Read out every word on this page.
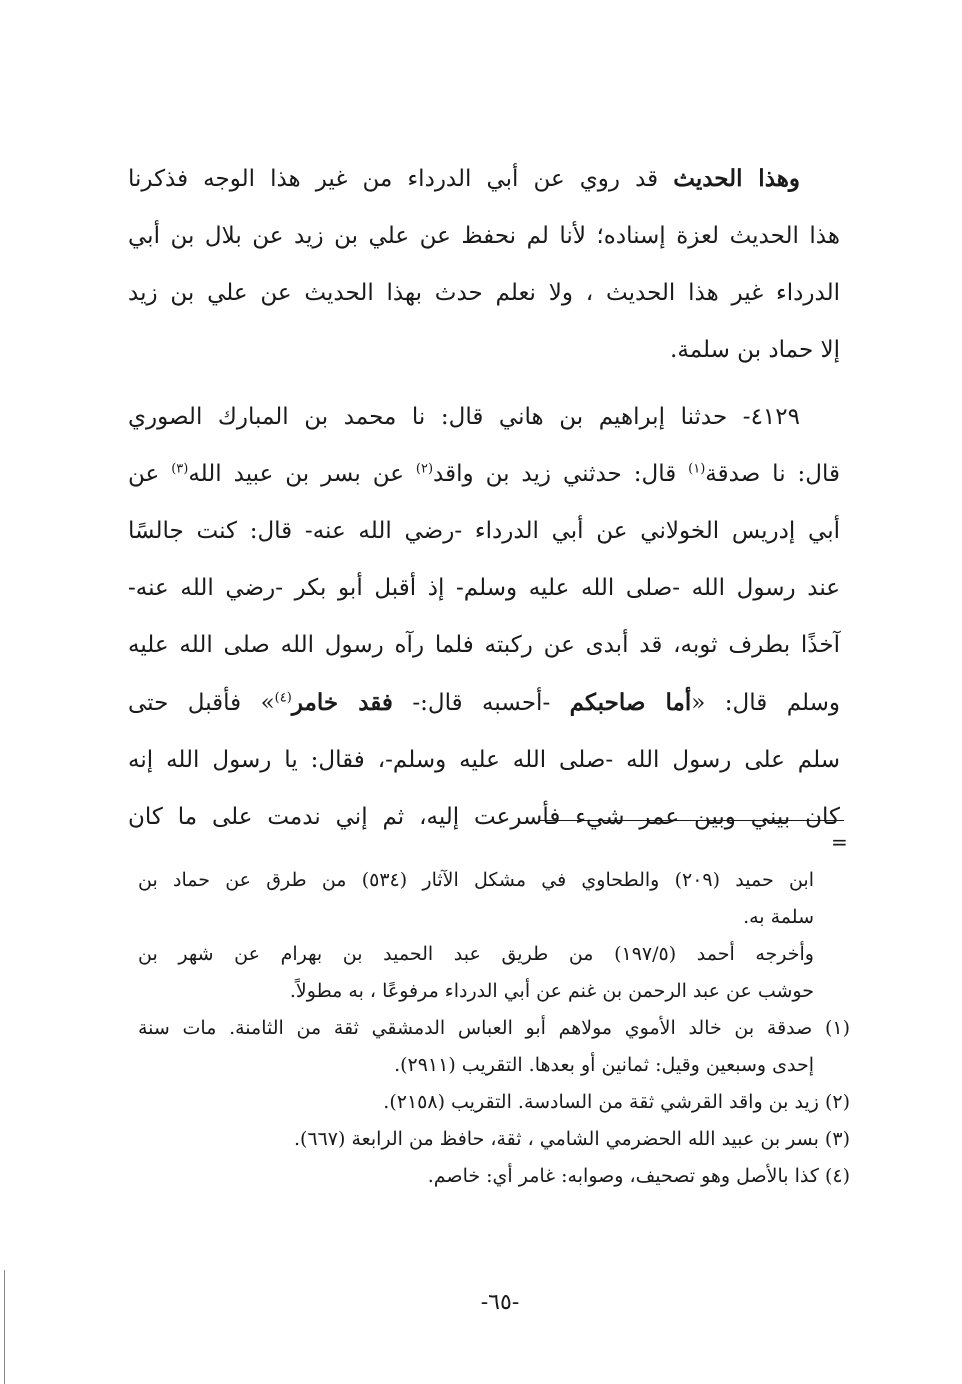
وهذا الحديث قد روي عن أبي الدرداء من غير هذا الوجه فذكرنا
هذا الحديث لعزة إسناده؛ لأنا لم نحفظ عن علي بن زيد عن بلال بن أبي
الدرداء غير هذا الحديث ، ولا نعلم حدث بهذا الحديث عن علي بن زيد
إلا حماد بن سلمة.

٤١٢٩- حدثنا إبراهيم بن هاني قال: نا محمد بن المبارك الصوري
قال: نا صدقة$^{(١)}$ قال: حدثني زيد بن واقد$^{(٢)}$ عن بسر بن عبيد الله$^{(٣)}$ عن
أبي إدريس الخولاني عن أبي الدرداء -رضي الله عنه- قال: كنت جالسًا
عند رسول الله -صلى الله عليه وسلم- إذ أقبل أبو بكر -رضي الله عنه-
آخذًا بطرف ثوبه، قد أبدى عن ركبته فلما رآه رسول الله صلى الله عليه
وسلم قال: «أما صاحبكم -أحسبه قال:- فقد خامر$^{(٤)}$» فأقبل حتى
سلم على رسول الله -صلى الله عليه وسلم-، فقال: يا رسول الله إنه
كان بيني وبين عمر شيء فأسرعت إليه، ثم إني ندمت على ما كان

=

ابن حميد (٢٠٩) والطحاوي في مشكل الآثار (٥٣٤) من طرق عن حماد بن
سلمة به.

وأخرجه أحمد (١٩٧/٥) من طريق عبد الحميد بن بهرام عن شهر بن
حوشب عن عبد الرحمن بن غنم عن أبي الدرداء مرفوعًا ، به مطولاً.

(١) صدقة بن خالد الأموي مولاهم أبو العباس الدمشقي ثقة من الثامنة. مات سنة
إحدى وسبعين وقيل: ثمانين أو بعدها. التقريب (٢٩١١).

(٢) زيد بن واقد القرشي ثقة من السادسة. التقريب (٢١٥٨).

(٣) بسر بن عبيد الله الحضرمي الشامي ، ثقة، حافظ من الرابعة (٦٦٧).

(٤) كذا بالأصل وهو تصحيف، وصوابه: غامر أي: خاصم.

-٦٥-
